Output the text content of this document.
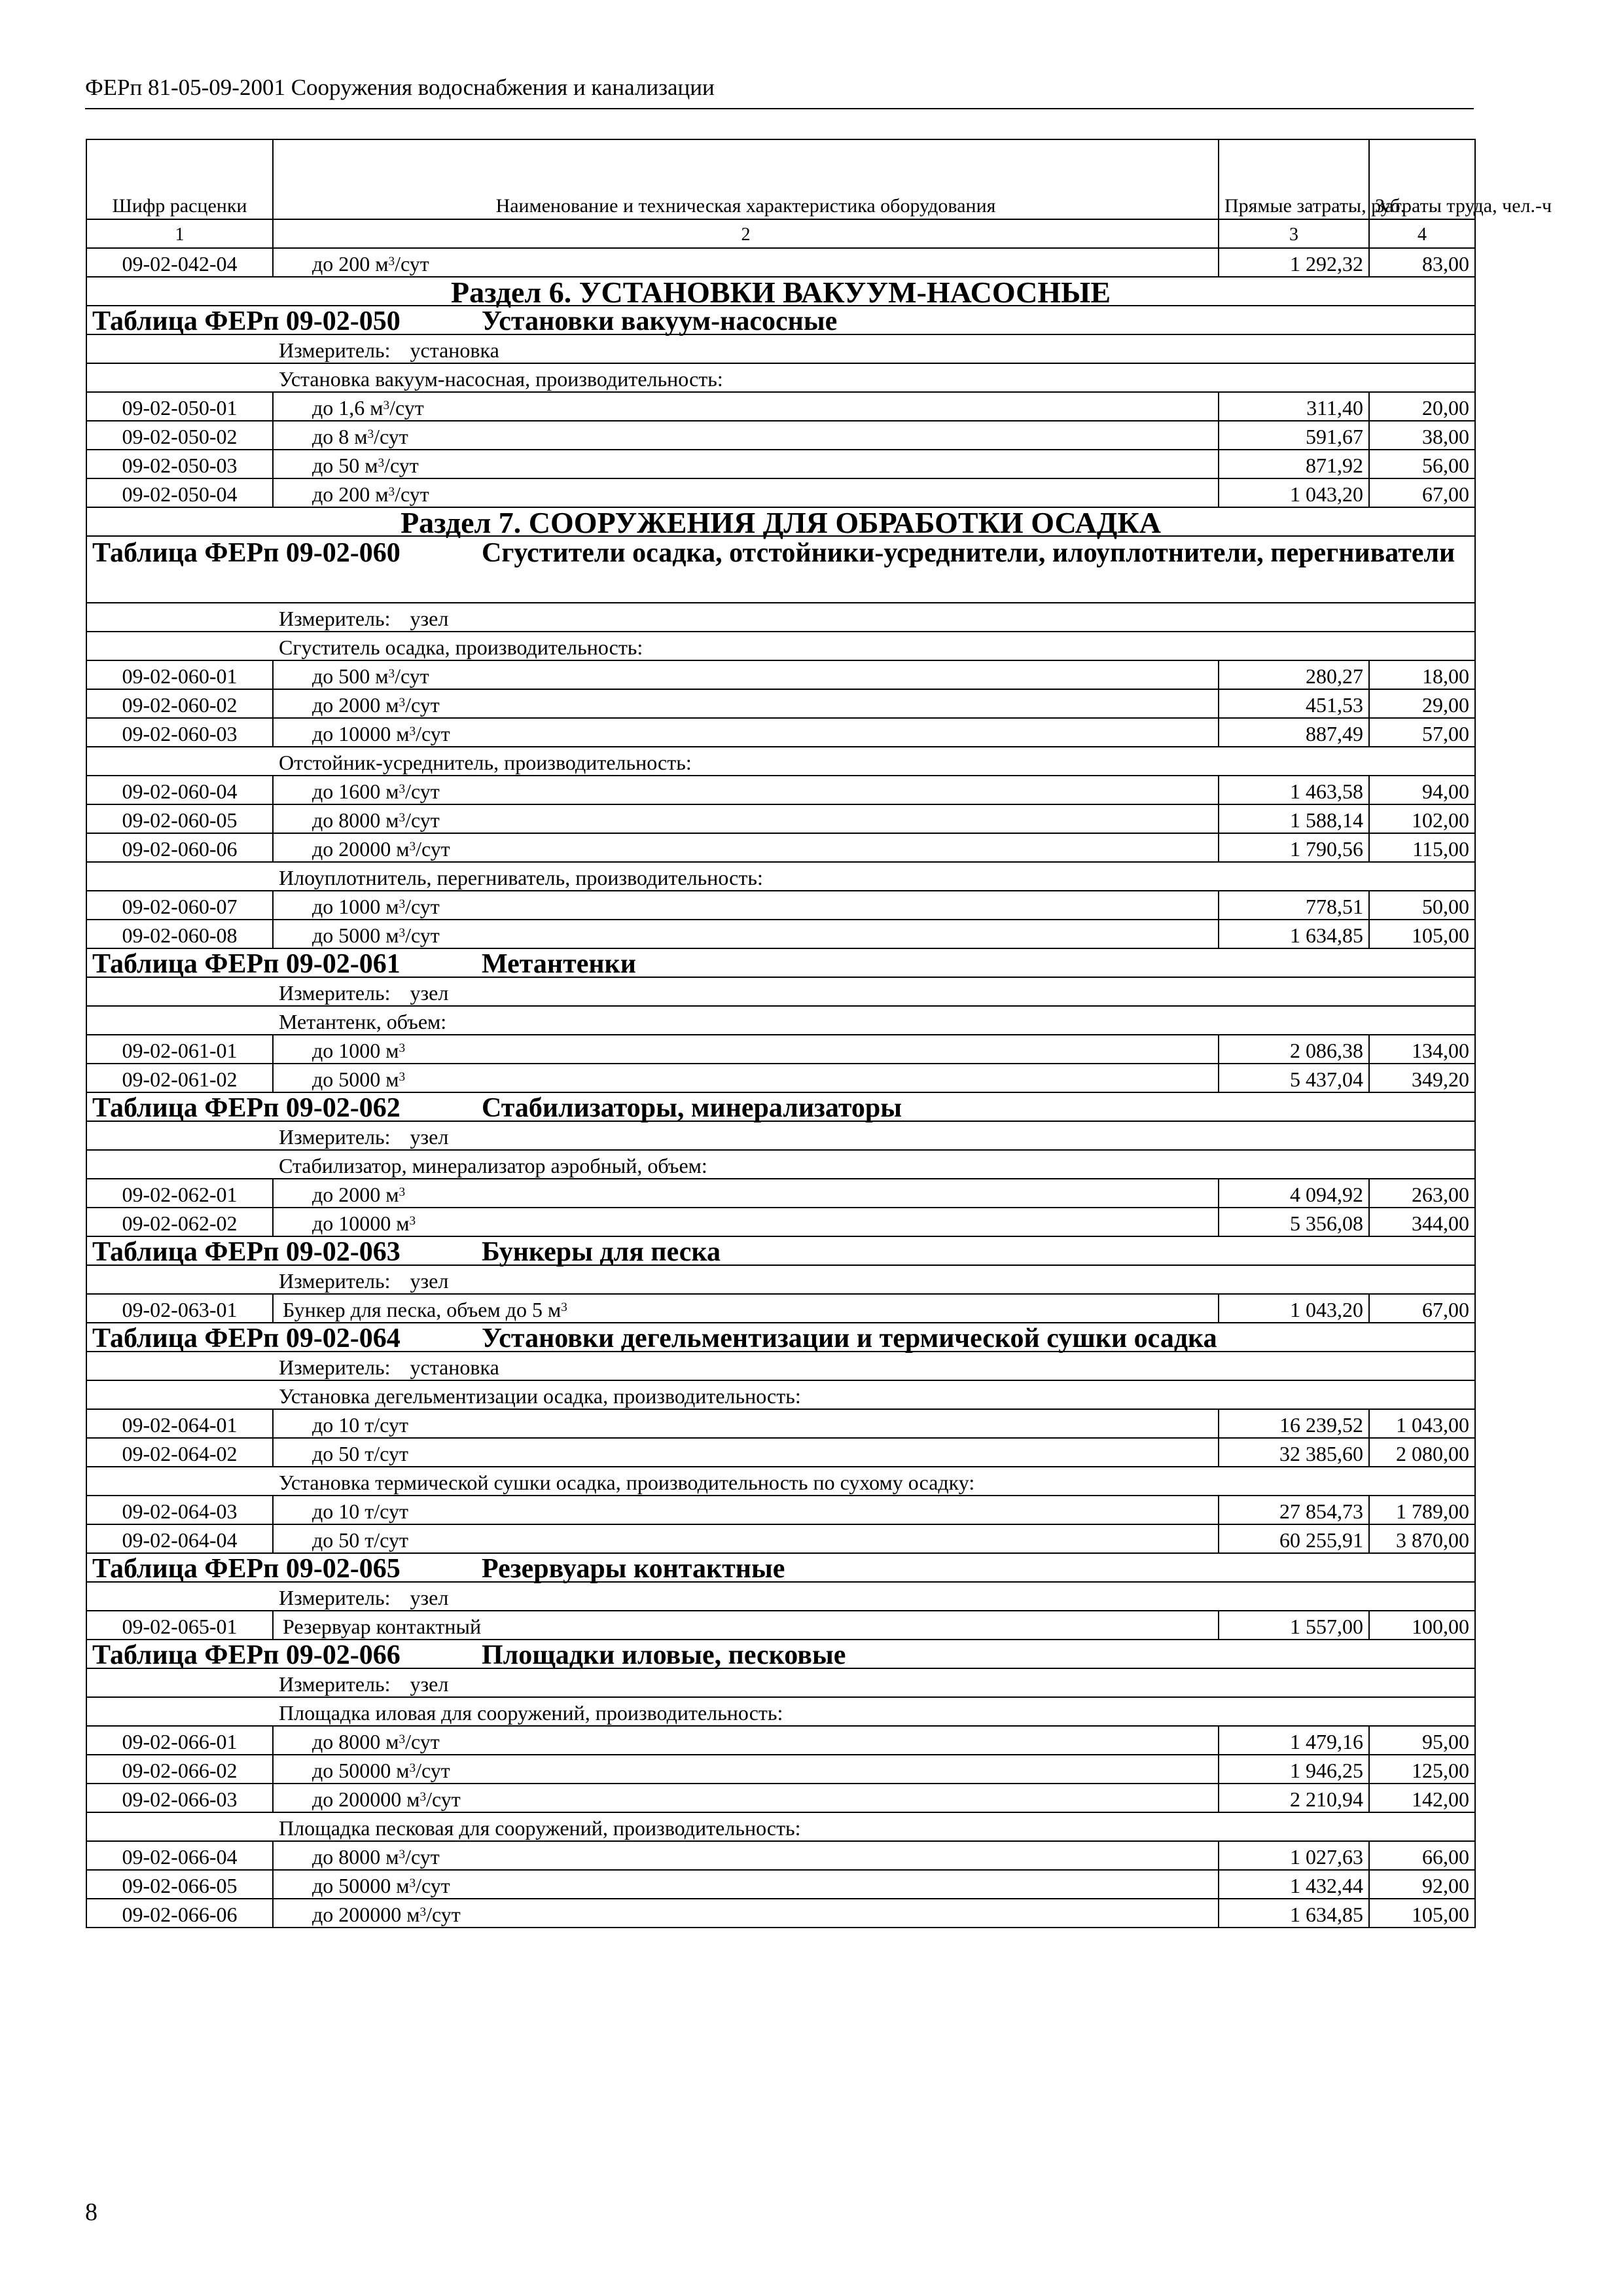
ФЕРп 81-05-09-2001 Сооружения водоснабжения и канализации
Шифр расценки	Наименование и техническая характеристика оборудования	Прямые затраты, руб.	Затраты труда, чел.-ч
1	2	3	4
09-02-042-04	до 200 $м^3$/сут	1 292,32	83,00
Раздел 6. УСТАНОВКИ ВАКУУМ-НАСОСНЫЕ			
Таблица ФЕРп 09-02-050 Установки вакуум-насосные			
Измеритель: установка			
Установка вакуум-насосная, производительность:			
09-02-050-01	до 1,6 $м^3$/сут	311,40	20,00
09-02-050-02	до 8 $м^3$/сут	591,67	38,00
09-02-050-03	до 50 $м^3$/сут	871,92	56,00
09-02-050-04	до 200 $м^3$/сут	1 043,20	67,00
Раздел 7. СООРУЖЕНИЯ ДЛЯ ОБРАБОТКИ ОСАДКА			
Таблица ФЕРп 09-02-060 Сгустители осадка, отстойники-усреднители, илоуплотнители, перегниватели			
Измеритель: узел			
Сгуститель осадка, производительность:			
09-02-060-01	до 500 $м^3$/сут	280,27	18,00
09-02-060-02	до 2000 $м^3$/сут	451,53	29,00
09-02-060-03	до 10000 $м^3$/сут	887,49	57,00
Отстойник-усреднитель, производительность:			
09-02-060-04	до 1600 $м^3$/сут	1 463,58	94,00
09-02-060-05	до 8000 $м^3$/сут	1 588,14	102,00
09-02-060-06	до 20000 $м^3$/сут	1 790,56	115,00
Илоуплотнитель, перегниватель, производительность:			
09-02-060-07	до 1000 $м^3$/сут	778,51	50,00
09-02-060-08	до 5000 $м^3$/сут	1 634,85	105,00
Таблица ФЕРп 09-02-061 Метантенки			
Измеритель: узел			
Метантенк, объем:			
09-02-061-01	до 1000 $м^3$	2 086,38	134,00
09-02-061-02	до 5000 $м^3$	5 437,04	349,20
Таблица ФЕРп 09-02-062 Стабилизаторы, минерализаторы			
Измеритель: узел			
Стабилизатор, минерализатор аэробный, объем:			
09-02-062-01	до 2000 $м^3$	4 094,92	263,00
09-02-062-02	до 10000 $м^3$	5 356,08	344,00
Таблица ФЕРп 09-02-063 Бункеры для песка			
Измеритель: узел			
09-02-063-01	Бункер для песка, объем до 5 $м^3$	1 043,20	67,00
Таблица ФЕРп 09-02-064 Установки дегельментизации и термической сушки осадка			
Измеритель: установка			
Установка дегельментизации осадка, производительность:			
09-02-064-01	до 10 т/сут	16 239,52	1 043,00
09-02-064-02	до 50 т/сут	32 385,60	2 080,00
Установка термической сушки осадка, производительность по сухому осадку:			
09-02-064-03	до 10 т/сут	27 854,73	1 789,00
09-02-064-04	до 50 т/сут	60 255,91	3 870,00
Таблица ФЕРп 09-02-065 Резервуары контактные			
Измеритель: узел			
09-02-065-01	Резервуар контактный	1 557,00	100,00
Таблица ФЕРп 09-02-066 Площадки иловые, песковые			
Измеритель: узел			
Площадка иловая для сооружений, производительность:			
09-02-066-01	до 8000 $м^3$/сут	1 479,16	95,00
09-02-066-02	до 50000 $м^3$/сут	1 946,25	125,00
09-02-066-03	до 200000 $м^3$/сут	2 210,94	142,00
Площадка песковая для сооружений, производительность:			
09-02-066-04	до 8000 $м^3$/сут	1 027,63	66,00
09-02-066-05	до 50000 $м^3$/сут	1 432,44	92,00
09-02-066-06	до 200000 $м^3$/сут	1 634,85	105,00
8
